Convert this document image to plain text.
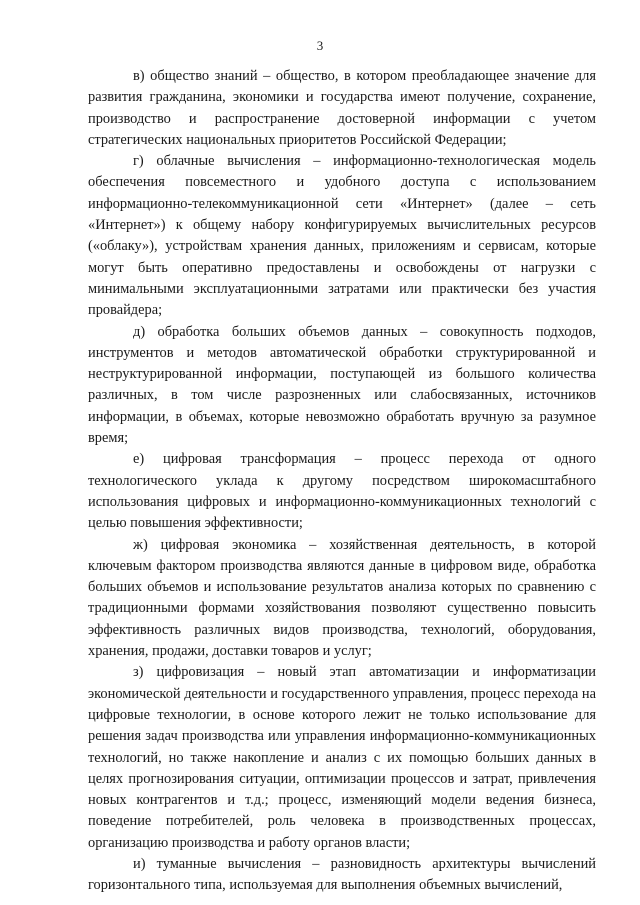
3

в) общество знаний – общество, в котором преобладающее значение для развития гражданина, экономики и государства имеют получение, сохранение, производство и распространение достоверной информации с учетом стратегических национальных приоритетов Российской Федерации;

г) облачные вычисления – информационно-технологическая модель обеспечения повсеместного и удобного доступа с использованием информационно-телекоммуникационной сети «Интернет» (далее – сеть «Интернет») к общему набору конфигурируемых вычислительных ресурсов («облаку»), устройствам хранения данных, приложениям и сервисам, которые могут быть оперативно предоставлены и освобождены от нагрузки с минимальными эксплуатационными затратами или практически без участия провайдера;

д) обработка больших объемов данных – совокупность подходов, инструментов и методов автоматической обработки структурированной и неструктурированной информации, поступающей из большого количества различных, в том числе разрозненных или слабосвязанных, источников информации, в объемах, которые невозможно обработать вручную за разумное время;

е) цифровая трансформация – процесс перехода от одного технологического уклада к другому посредством широкомасштабного использования цифровых и информационно-коммуникационных технологий с целью повышения эффективности;

ж) цифровая экономика – хозяйственная деятельность, в которой ключевым фактором производства являются данные в цифровом виде, обработка больших объемов и использование результатов анализа которых по сравнению с традиционными формами хозяйствования позволяют существенно повысить эффективность различных видов производства, технологий, оборудования, хранения, продажи, доставки товаров и услуг;

з) цифровизация – новый этап автоматизации и информатизации экономической деятельности и государственного управления, процесс перехода на цифровые технологии, в основе которого лежит не только использование для решения задач производства или управления информационно-коммуникационных технологий, но также накопление и анализ с их помощью больших данных в целях прогнозирования ситуации, оптимизации процессов и затрат, привлечения новых контрагентов и т.д.; процесс, изменяющий модели ведения бизнеса, поведение потребителей, роль человека в производственных процессах, организацию производства и работу органов власти;

и) туманные вычисления – разновидность архитектуры вычислений горизонтального типа, используемая для выполнения объемных вычислений,
